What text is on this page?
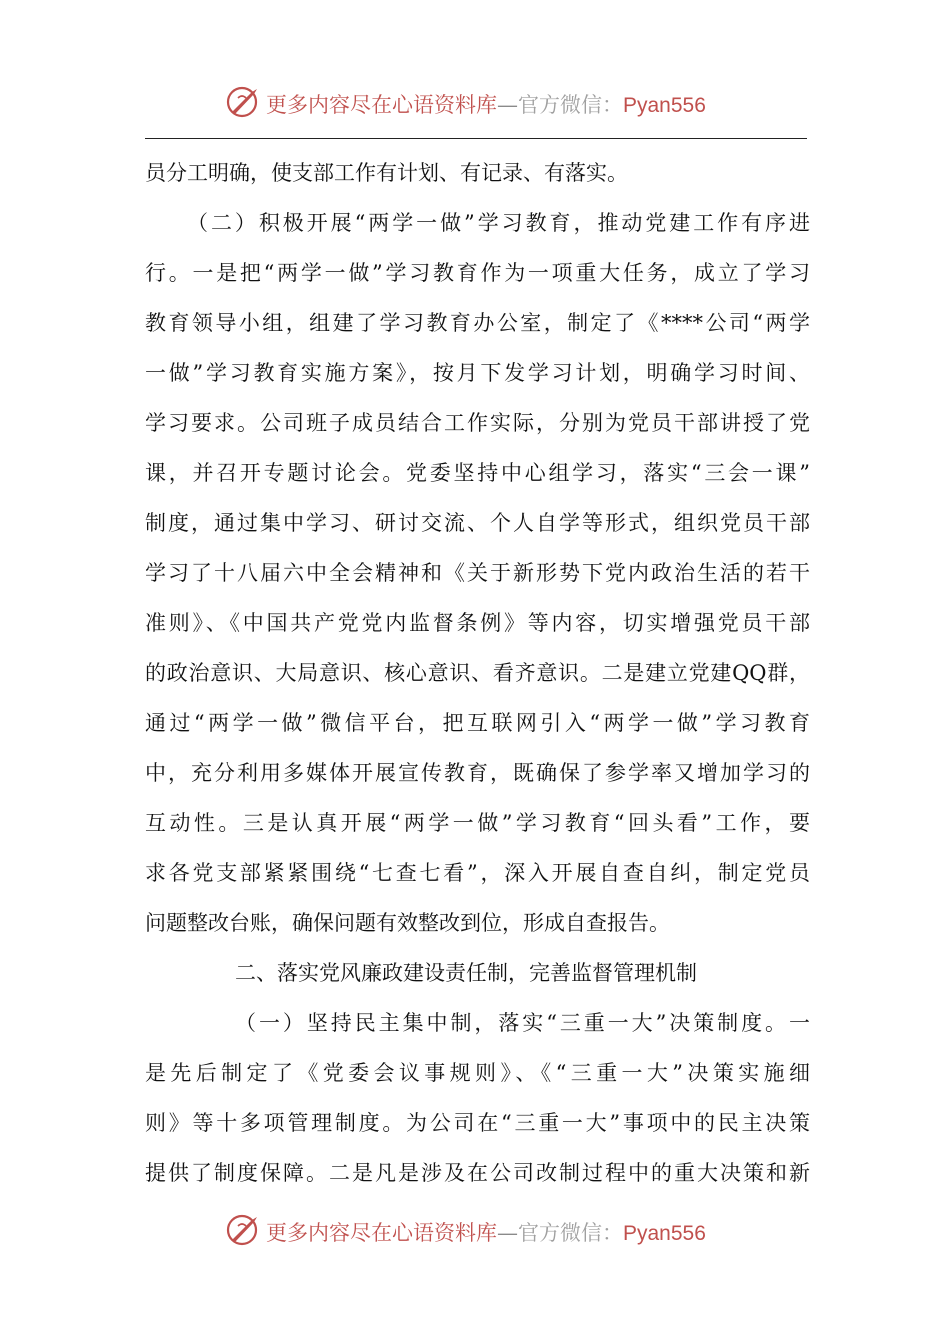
更多内容尽在心语资料库—官方微信：Pyan556
员分工明确，使支部工作有计划、有记录、有落实。
（二）积极开展“两学一做”学习教育，推动党建工作有序进
行。一是把“两学一做”学习教育作为一项重大任务，成立了学习
教育领导小组，组建了学习教育办公室，制定了《****公司“两学
一做”学习教育实施方案》，按月下发学习计划，明确学习时间、
学习要求。公司班子成员结合工作实际，分别为党员干部讲授了党
课，并召开专题讨论会。党委坚持中心组学习，落实“三会一课”
制度，通过集中学习、研讨交流、个人自学等形式，组织党员干部
学习了十八届六中全会精神和《关于新形势下党内政治生活的若干
准则》、《中国共产党党内监督条例》等内容，切实增强党员干部
的政治意识、大局意识、核心意识、看齐意识。二是建立党建QQ群，
通过“两学一做”微信平台，把互联网引入“两学一做”学习教育
中，充分利用多媒体开展宣传教育，既确保了参学率又增加学习的
互动性。三是认真开展“两学一做”学习教育“回头看”工作，要
求各党支部紧紧围绕“七查七看”，深入开展自查自纠，制定党员
问题整改台账，确保问题有效整改到位，形成自查报告。
二、落实党风廉政建设责任制，完善监督管理机制
（一）坚持民主集中制，落实“三重一大”决策制度。一
是先后制定了《党委会议事规则》、《“三重一大”决策实施细
则》等十多项管理制度。为公司在“三重一大”事项中的民主决策
提供了制度保障。二是凡是涉及在公司改制过程中的重大决策和新
更多内容尽在心语资料库—官方微信：Pyan556
